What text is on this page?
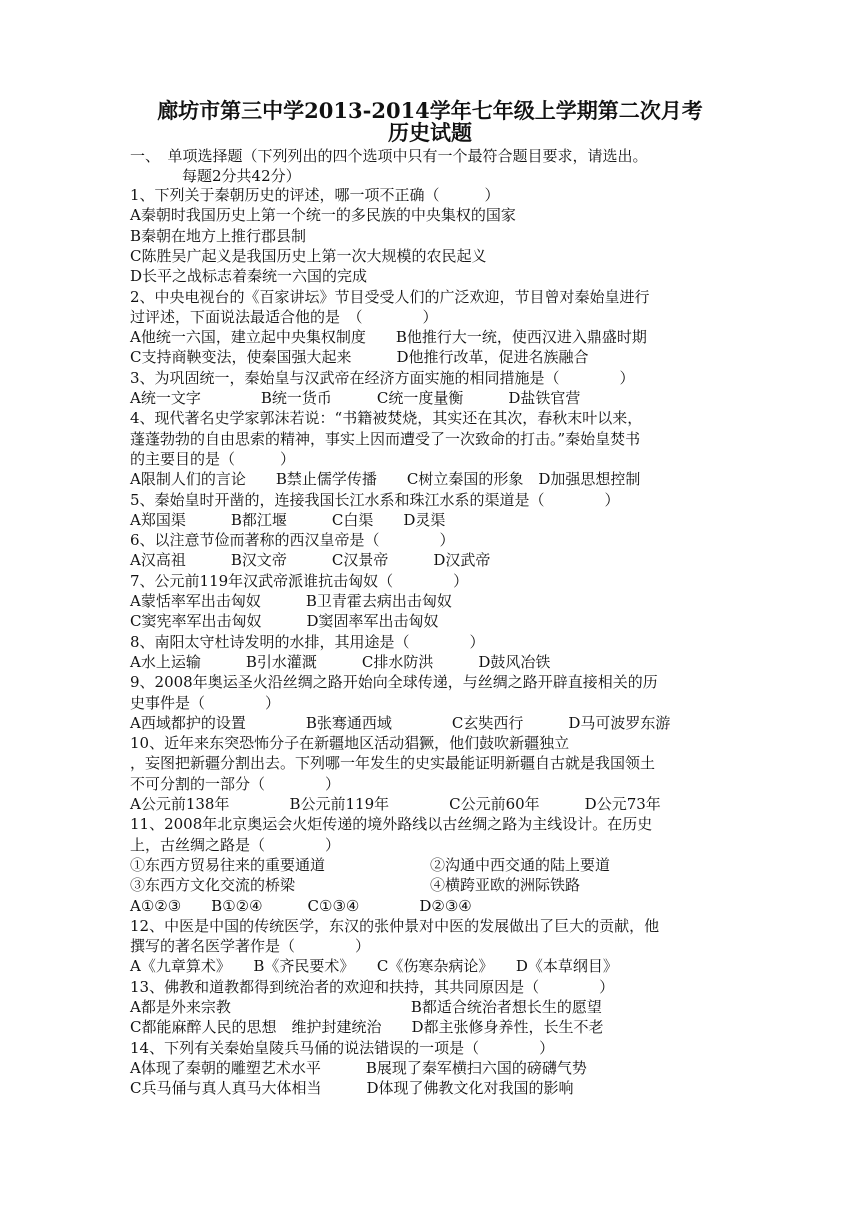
廊坊市第三中学2013-2014学年七年级上学期第二次月考
历史试题
一、　单项选择题（下列列出的四个选项中只有一个最符合题目要求，请选出。
每题2分共42分）
1、下列关于秦朝历史的评述，哪一项不正确（　　　）
A秦朝时我国历史上第一个统一的多民族的中央集权的国家
B秦朝在地方上推行郡县制
C陈胜吴广起义是我国历史上第一次大规模的农民起义
D长平之战标志着秦统一六国的完成
2、中央电视台的《百家讲坛》节目受受人们的广泛欢迎，节目曾对秦始皇进行
过评述，下面说法最适合他的是　（　　　　）
A他统一六国，建立起中央集权制度　　B他推行大一统，使西汉进入鼎盛时期
C支持商鞅变法，使秦国强大起来　　　D他推行改革，促进名族融合
3、为巩固统一，秦始皇与汉武帝在经济方面实施的相同措施是（　　　　）
A统一文字　　　　B统一货币　　　C统一度量衡　　　D盐铁官营
4、现代著名史学家郭沫若说：“书籍被焚烧，其实还在其次，春秋末叶以来，
蓬蓬勃勃的自由思索的精神，事实上因而遭受了一次致命的打击。”秦始皇焚书
的主要目的是（　　　）
A限制人们的言论　　B禁止儒学传播　　C树立秦国的形象　D加强思想控制
5、秦始皇时开凿的，连接我国长江水系和珠江水系的渠道是（　　　　）
A郑国渠　　　B都江堰　　　C白渠　　D灵渠
6、以注意节俭而著称的西汉皇帝是（　　　　）
A汉高祖　　　B汉文帝　　　C汉景帝　　　D汉武帝
7、公元前119年汉武帝派谁抗击匈奴（　　　　）
A蒙恬率军出击匈奴　　　B卫青霍去病出击匈奴
C窦宪率军出击匈奴　　　D窦固率军出击匈奴
8、南阳太守杜诗发明的水排，其用途是（　　　　）
A水上运输　　　B引水灌溉　　　C排水防洪　　　D鼓风冶铁
9、2008年奥运圣火沿丝绸之路开始向全球传递，与丝绸之路开辟直接相关的历
史事件是（　　　　）
A西域都护的设置　　　　B张骞通西域　　　　C玄奘西行　　　D马可波罗东游
10、近年来东突恐怖分子在新疆地区活动猖獗，他们鼓吹新疆独立
，妄图把新疆分割出去。下列哪一年发生的史实最能证明新疆自古就是我国领土
不可分割的一部分（　　　　）
A公元前138年　　　　B公元前119年　　　　C公元前60年　　　D公元73年
11、2008年北京奥运会火炬传递的境外路线以古丝绸之路为主线设计。在历史
上，古丝绸之路是（　　　　）
①东西方贸易往来的重要通道　　　　　　　②沟通中西交通的陆上要道
③东西方文化交流的桥梁　　　　　　　　　④横跨亚欧的洲际铁路
A①②③　　B①②④　　　C①③④　　　　D②③④
12、中医是中国的传统医学，东汉的张仲景对中医的发展做出了巨大的贡献，他
撰写的著名医学著作是（　　　　）
A《九章算术》　　B《齐民要术》　　C《伤寒杂病论》　　D《本草纲目》
13、佛教和道教都得到统治者的欢迎和扶持，其共同原因是（　　　　）
A都是外来宗教　　　　　　　　　　　　B都适合统治者想长生的愿望
C都能麻醉人民的思想　维护封建统治　　D都主张修身养性，长生不老
14、下列有关秦始皇陵兵马俑的说法错误的一项是（　　　　）
A体现了秦朝的雕塑艺术水平　　　B展现了秦军横扫六国的磅礴气势
C兵马俑与真人真马大体相当　　　D体现了佛教文化对我国的影响
